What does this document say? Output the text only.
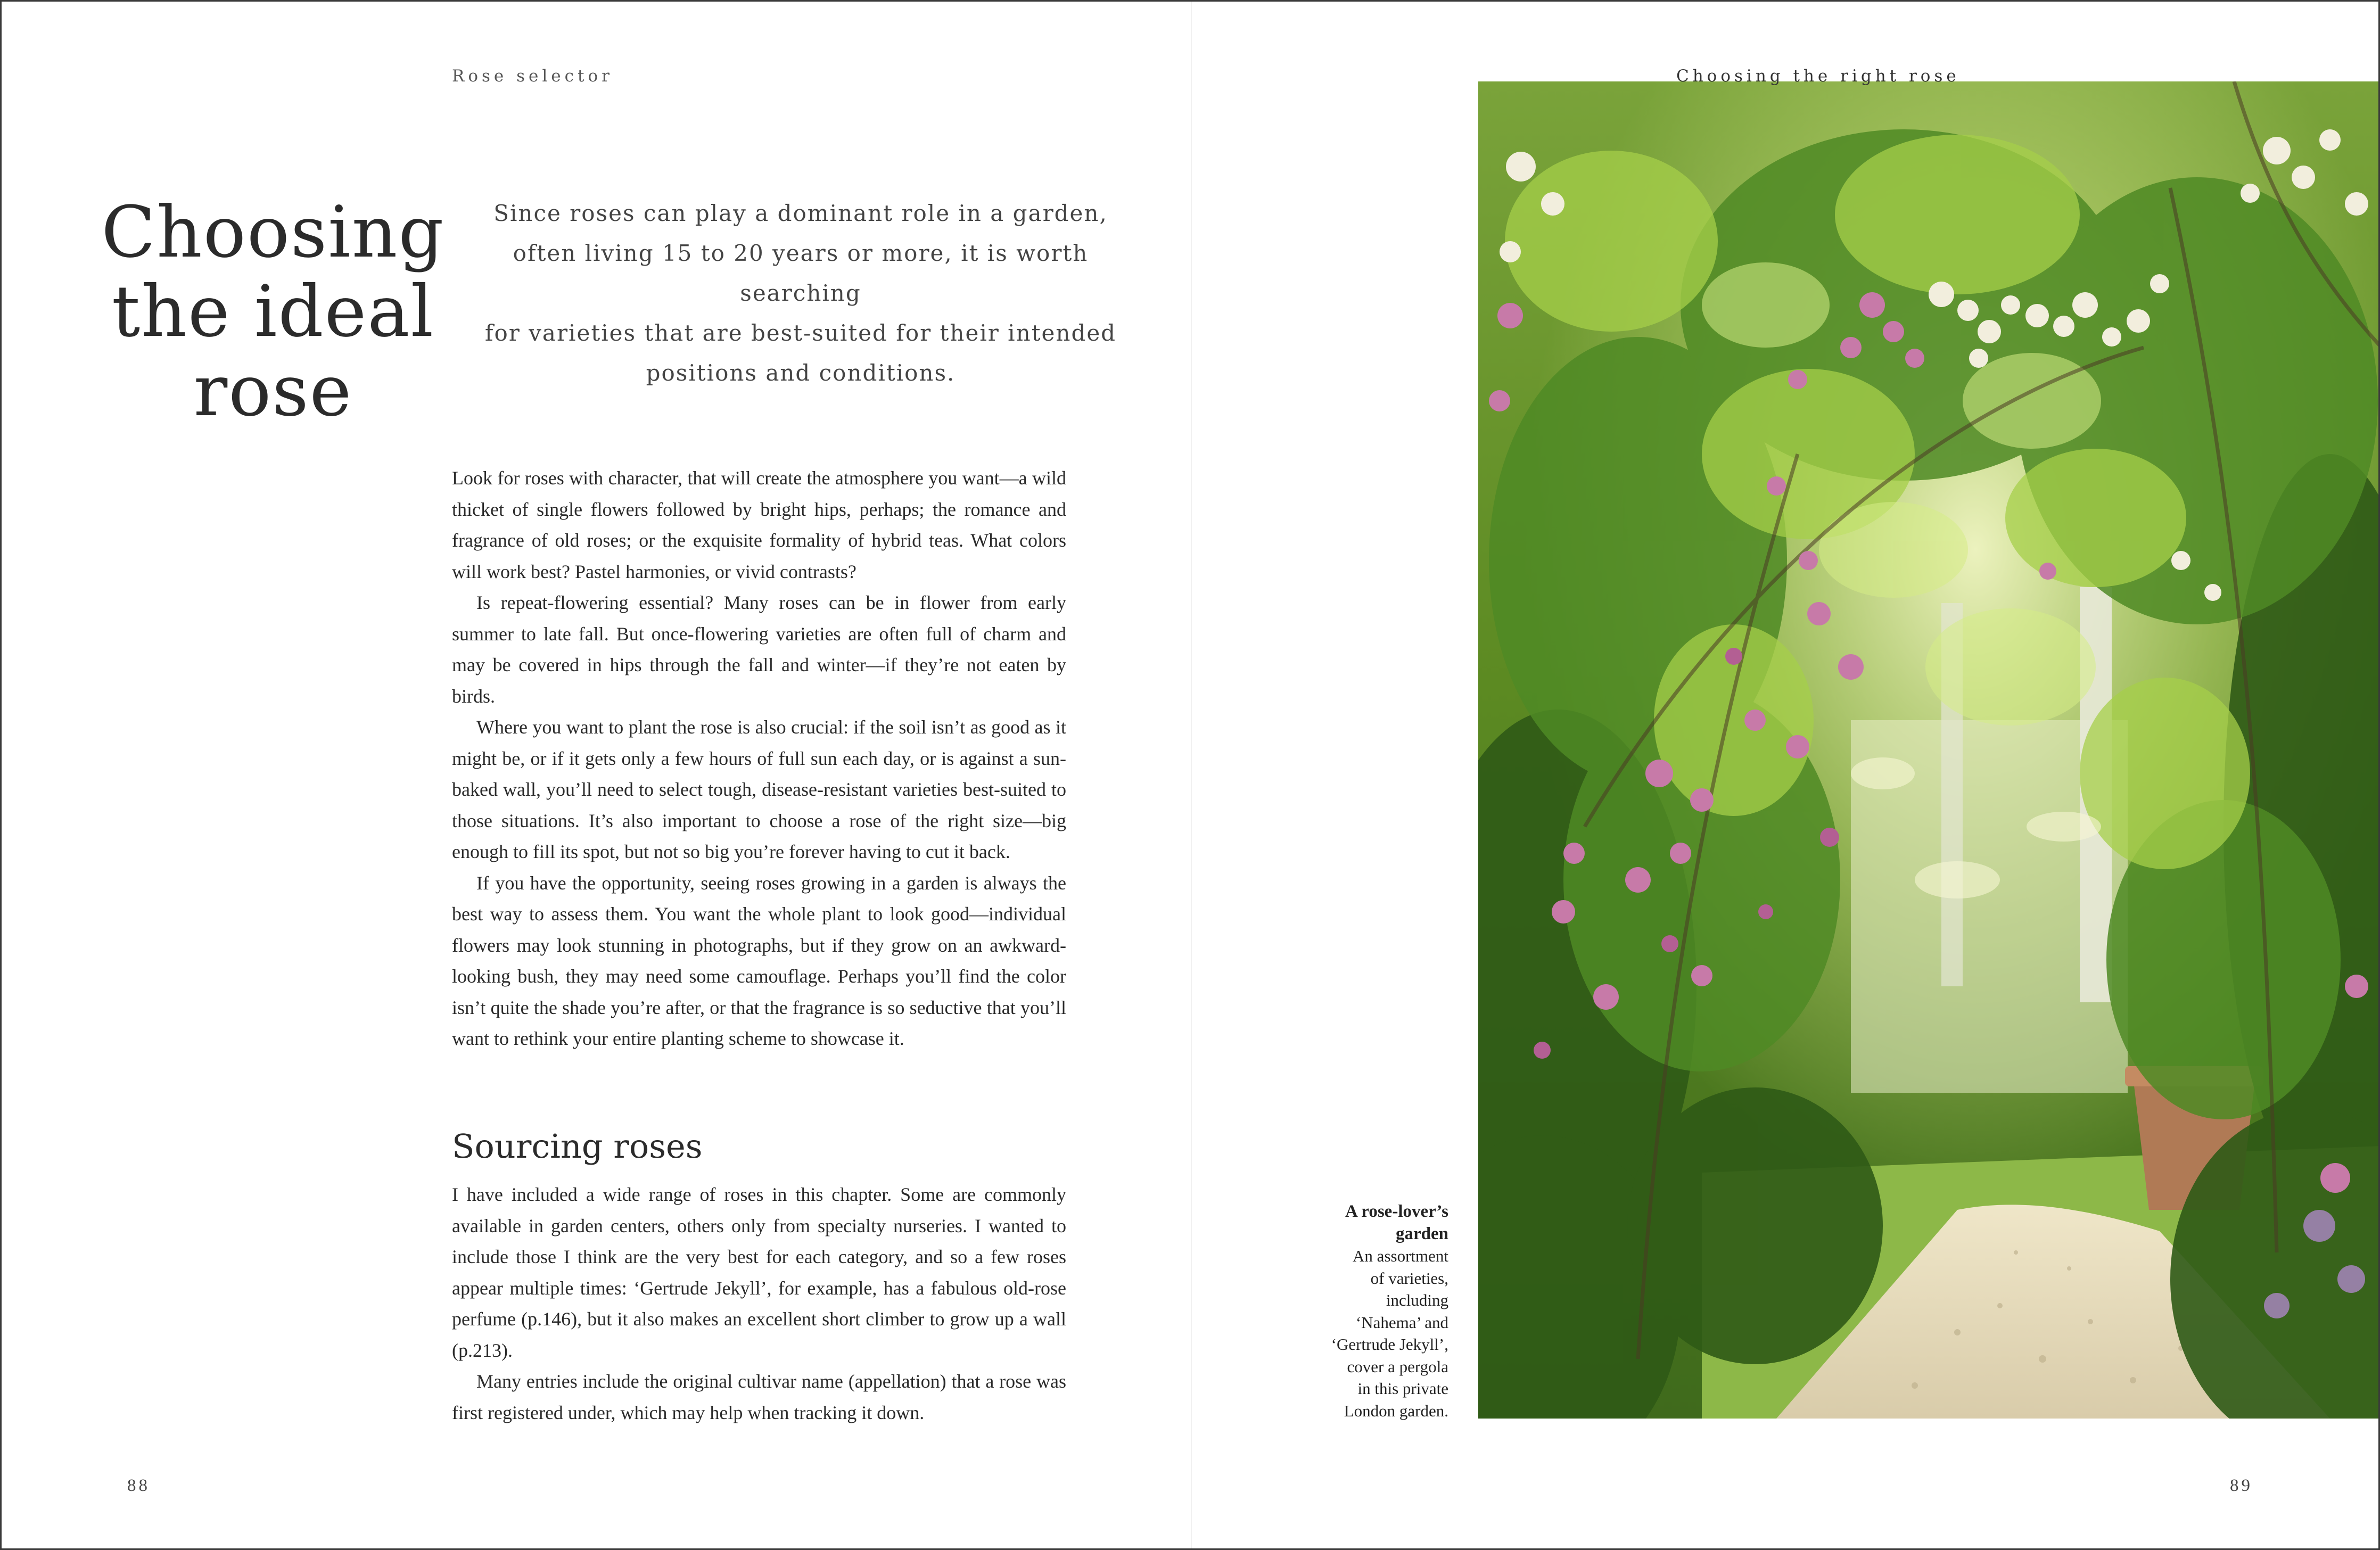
Rose selector
Choosing
the ideal
rose
Since roses can play a dominant role in a garden,
often living 15 to 20 years or more, it is worth searching
for varieties that are best-suited for their intended
positions and conditions.

Look for roses with character, that will create the atmosphere you want—a wild thicket of single flowers followed by bright hips, perhaps; the romance and fragrance of old roses; or the exquisite formality of hybrid teas. What colors will work best? Pastel harmonies, or vivid contrasts?

Is repeat-flowering essential? Many roses can be in flower from early summer to late fall. But once-flowering varieties are often full of charm and may be covered in hips through the fall and winter—if they’re not eaten by birds.

Where you want to plant the rose is also crucial: if the soil isn’t as good as it might be, or if it gets only a few hours of full sun each day, or is against a sun-baked wall, you’ll need to select tough, disease-resistant varieties best-suited to those situations. It’s also important to choose a rose of the right size—big enough to fill its spot, but not so big you’re forever having to cut it back.

If you have the opportunity, seeing roses growing in a garden is always the best way to assess them. You want the whole plant to look good—individual flowers may look stunning in photographs, but if they grow on an awkward-looking bush, they may need some camouflage. Perhaps you’ll find the color isn’t quite the shade you’re after, or that the fragrance is so seductive that you’ll want to rethink your entire planting scheme to showcase it.

Sourcing roses

I have included a wide range of roses in this chapter. Some are commonly available in garden centers, others only from specialty nurseries. I wanted to include those I think are the very best for each category, and so a few roses appear multiple times: ‘Gertrude Jekyll’, for example, has a fabulous old-rose perfume (p.146), but it also makes an excellent short climber to grow up a wall (p.213).

Many entries include the original cultivar name (appellation) that a rose was first registered under, which may help when tracking it down.

88
Choosing the right rose
A rose-lover’s
garden
An assortment
of varieties,
including
‘Nahema’ and
‘Gertrude Jekyll’,
cover a pergola
in this private
London garden.
89
